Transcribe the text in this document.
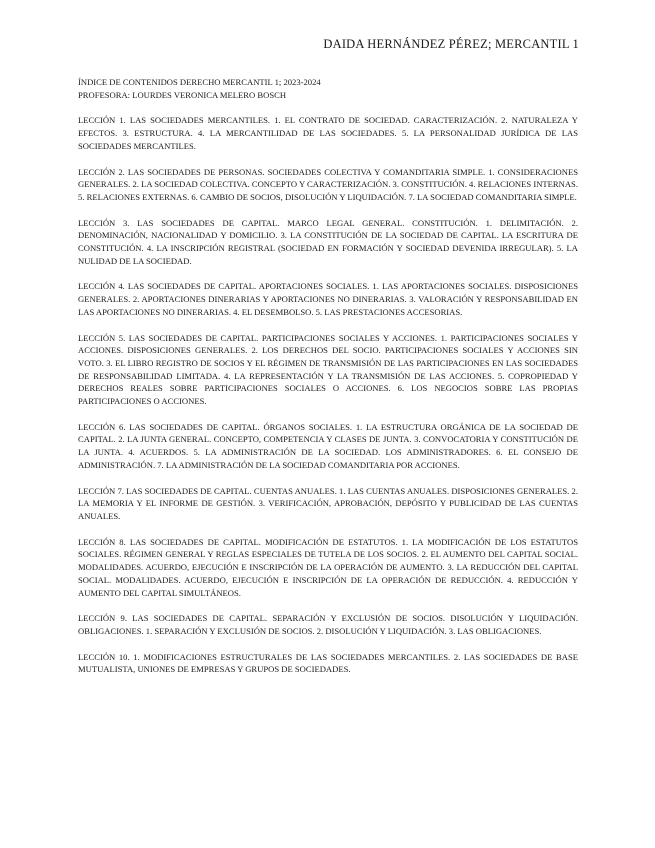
DAIDA HERNÁNDEZ PÉREZ; MERCANTIL 1

ÍNDICE DE CONTENIDOS DERECHO MERCANTIL 1; 2023-2024

PROFESORA: LOURDES VERONICA MELERO BOSCH

LECCIÓN 1. LAS SOCIEDADES MERCANTILES. 1. EL CONTRATO DE SOCIEDAD. CARACTERIZACIÓN. 2. NATURALEZA Y EFECTOS. 3. ESTRUCTURA. 4. LA MERCANTILIDAD DE LAS SOCIEDADES. 5. LA PERSONALIDAD JURÍDICA DE LAS SOCIEDADES MERCANTILES.

LECCIÓN 2. LAS SOCIEDADES DE PERSONAS. SOCIEDADES COLECTIVA Y COMANDITARIA SIMPLE. 1. CONSIDERACIONES GENERALES. 2. LA SOCIEDAD COLECTIVA. CONCEPTO Y CARACTERIZACIÓN. 3. CONSTITUCIÓN. 4. RELACIONES INTERNAS. 5. RELACIONES EXTERNAS. 6. CAMBIO DE SOCIOS, DISOLUCIÓN Y LIQUIDACIÓN. 7. LA SOCIEDAD COMANDITARIA SIMPLE.

LECCIÓN 3. LAS SOCIEDADES DE CAPITAL. MARCO LEGAL GENERAL. CONSTITUCIÓN. 1. DELIMITACIÓN. 2. DENOMINACIÓN, NACIONALIDAD Y DOMICILIO. 3. LA CONSTITUCIÓN DE LA SOCIEDAD DE CAPITAL. LA ESCRITURA DE CONSTITUCIÓN. 4. LA INSCRIPCIÓN REGISTRAL (SOCIEDAD EN FORMACIÓN Y SOCIEDAD DEVENIDA IRREGULAR). 5. LA NULIDAD DE LA SOCIEDAD.

LECCIÓN 4. LAS SOCIEDADES DE CAPITAL. APORTACIONES SOCIALES. 1. LAS APORTACIONES SOCIALES. DISPOSICIONES GENERALES. 2. APORTACIONES DINERARIAS Y APORTACIONES NO DINERARIAS. 3. VALORACIÓN Y RESPONSABILIDAD EN LAS APORTACIONES NO DINERARIAS. 4. EL DESEMBOLSO. 5. LAS PRESTACIONES ACCESORIAS.

LECCIÓN 5. LAS SOCIEDADES DE CAPITAL. PARTICIPACIONES SOCIALES Y ACCIONES. 1. PARTICIPACIONES SOCIALES Y ACCIONES. DISPOSICIONES GENERALES. 2. LOS DERECHOS DEL SOCIO. PARTICIPACIONES SOCIALES Y ACCIONES SIN VOTO. 3. EL LIBRO REGISTRO DE SOCIOS Y EL RÉGIMEN DE TRANSMISIÓN DE LAS PARTICIPACIONES EN LAS SOCIEDADES DE RESPONSABILIDAD LIMITADA. 4. LA REPRESENTACIÓN Y LA TRANSMISIÓN DE LAS ACCIONES. 5. COPROPIEDAD Y DERECHOS REALES SOBRE PARTICIPACIONES SOCIALES O ACCIONES. 6. LOS NEGOCIOS SOBRE LAS PROPIAS PARTICIPACIONES O ACCIONES.

LECCIÓN 6. LAS SOCIEDADES DE CAPITAL. ÓRGANOS SOCIALES. 1. LA ESTRUCTURA ORGÁNICA DE LA SOCIEDAD DE CAPITAL. 2. LA JUNTA GENERAL. CONCEPTO, COMPETENCIA Y CLASES DE JUNTA. 3. CONVOCATORIA Y CONSTITUCIÓN DE LA JUNTA. 4. ACUERDOS. 5. LA ADMINISTRACIÓN DE LA SOCIEDAD. LOS ADMINISTRADORES. 6. EL CONSEJO DE ADMINISTRACIÓN. 7. LA ADMINISTRACIÓN DE LA SOCIEDAD COMANDITARIA POR ACCIONES.

LECCIÓN 7. LAS SOCIEDADES DE CAPITAL. CUENTAS ANUALES. 1. LAS CUENTAS ANUALES. DISPOSICIONES GENERALES. 2. LA MEMORIA Y EL INFORME DE GESTIÓN. 3. VERIFICACIÓN, APROBACIÓN, DEPÓSITO Y PUBLICIDAD DE LAS CUENTAS ANUALES.

LECCIÓN 8. LAS SOCIEDADES DE CAPITAL. MODIFICACIÓN DE ESTATUTOS. 1. LA MODIFICACIÓN DE LOS ESTATUTOS SOCIALES. RÉGIMEN GENERAL Y REGLAS ESPECIALES DE TUTELA DE LOS SOCIOS. 2. EL AUMENTO DEL CAPITAL SOCIAL. MODALIDADES. ACUERDO, EJECUCIÓN E INSCRIPCIÓN DE LA OPERACIÓN DE AUMENTO. 3. LA REDUCCIÓN DEL CAPITAL SOCIAL. MODALIDADES. ACUERDO, EJECUCIÓN E INSCRIPCIÓN DE LA OPERACIÓN DE REDUCCIÓN. 4. REDUCCIÓN Y AUMENTO DEL CAPITAL SIMULTÁNEOS.

LECCIÓN 9. LAS SOCIEDADES DE CAPITAL. SEPARACIÓN Y EXCLUSIÓN DE SOCIOS. DISOLUCIÓN Y LIQUIDACIÓN. OBLIGACIONES. 1. SEPARACIÓN Y EXCLUSIÓN DE SOCIOS. 2. DISOLUCIÓN Y LIQUIDACIÓN. 3. LAS OBLIGACIONES.

LECCIÓN 10. 1. MODIFICACIONES ESTRUCTURALES DE LAS SOCIEDADES MERCANTILES. 2. LAS SOCIEDADES DE BASE MUTUALISTA, UNIONES DE EMPRESAS Y GRUPOS DE SOCIEDADES.
